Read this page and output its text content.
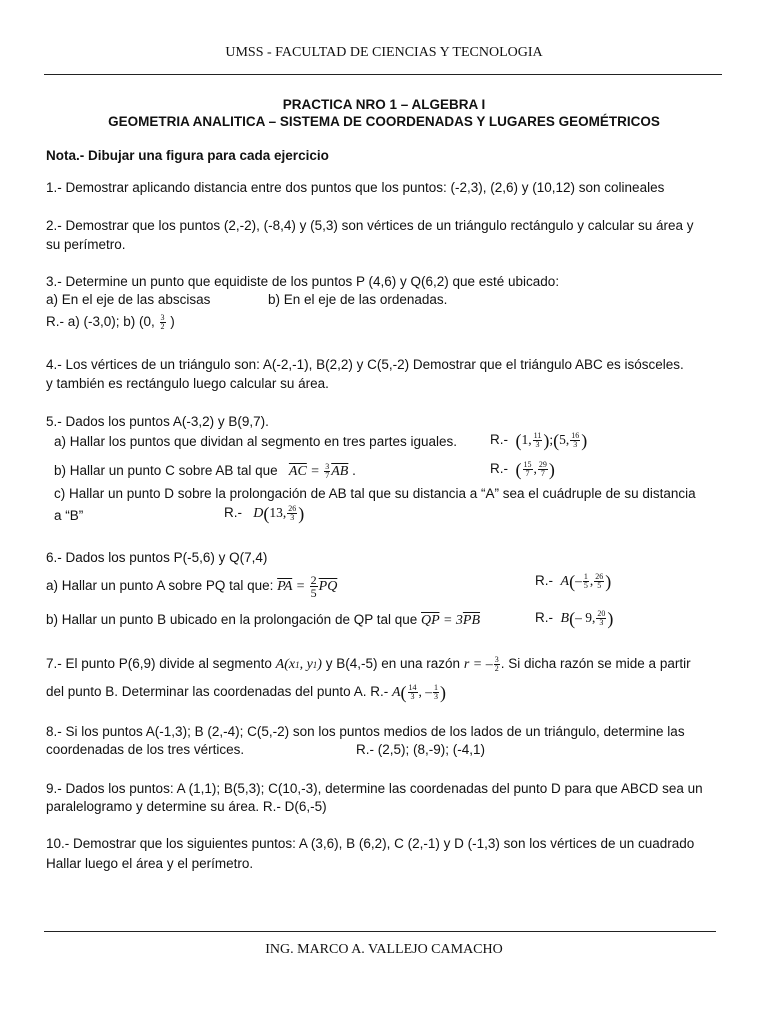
UMSS - FACULTAD DE CIENCIAS Y TECNOLOGIA
PRACTICA NRO 1 – ALGEBRA I
GEOMETRIA ANALITICA – SISTEMA DE COORDENADAS Y LUGARES GEOMÉTRICOS
Nota.- Dibujar una figura para cada ejercicio
1.- Demostrar aplicando distancia entre dos puntos que los puntos: (-2,3), (2,6) y (10,12) son colineales
2.- Demostrar que los puntos (2,-2), (-8,4) y (5,3) son vértices de un triángulo rectángulo y calcular su área y
su perímetro.
3.- Determine un punto que equidiste de los puntos P (4,6) y Q(6,2) que esté ubicado:
a) En el eje de las abscisas	b) En el eje de las ordenadas.
R.- a) (-3,0); b) (0, $\frac{3}{2}$ )
4.- Los vértices de un triángulo son: A(-2,-1), B(2,2) y C(5,-2) Demostrar que el triángulo ABC es isósceles.
y también es rectángulo luego calcular su área.
5.- Dados los puntos A(-3,2) y B(9,7).
a) Hallar los puntos que dividan al segmento en tres partes iguales. R.- (1, $\frac{11}{3}$ );(5, $\frac{16}{3}$ )
b) Hallar un punto C sobre AB tal que $\overline{AC} = \frac{3}{7} \overline{AB}$ .	R.- ( $\frac{15}{7}$ , $\frac{29}{7}$ )
c) Hallar un punto D sobre la prolongación de AB tal que su distancia a “A” sea el cuádruple de su distancia
a “B”	R.- D(13, $\frac{26}{3}$ )
6.- Dados los puntos P(-5,6) y Q(7,4)
a) Hallar un punto A sobre PQ tal que: $\overline{PA} = \frac{2}{5} \overline{PQ}$	R.- $A(- \frac{1}{5}$ , $\frac{26}{5}$ )
b) Hallar un punto B ubicado en la prolongación de QP tal que $\overline{QP} = 3\overline{PB}$	R.- B(– 9, $\frac{20}{3}$ )
7.- El punto P(6,9) divide al segmento A(x1, y1) y B(4,-5) en una razón r = – $\frac{3}{2}$ . Si dicha razón se mide a partir
del punto B. Determinar las coordenadas del punto A. R.- $A( \frac{14}{3}$ , – $\frac{1}{3}$ )
8.- Si los puntos A(-1,3); B (2,-4); C(5,-2) son los puntos medios de los lados de un triángulo, determine las
coordenadas de los tres vértices.	R.- (2,5); (8,-9); (-4,1)
9.- Dados los puntos: A (1,1); B(5,3); C(10,-3), determine las coordenadas del punto D para que ABCD sea un
paralelogramo y determine su área. R.- D(6,-5)
10.- Demostrar que los siguientes puntos: A (3,6), B (6,2), C (2,-1) y D (-1,3) son los vértices de un cuadrado
Hallar luego el área y el perímetro.
ING. MARCO A. VALLEJO CAMACHO
